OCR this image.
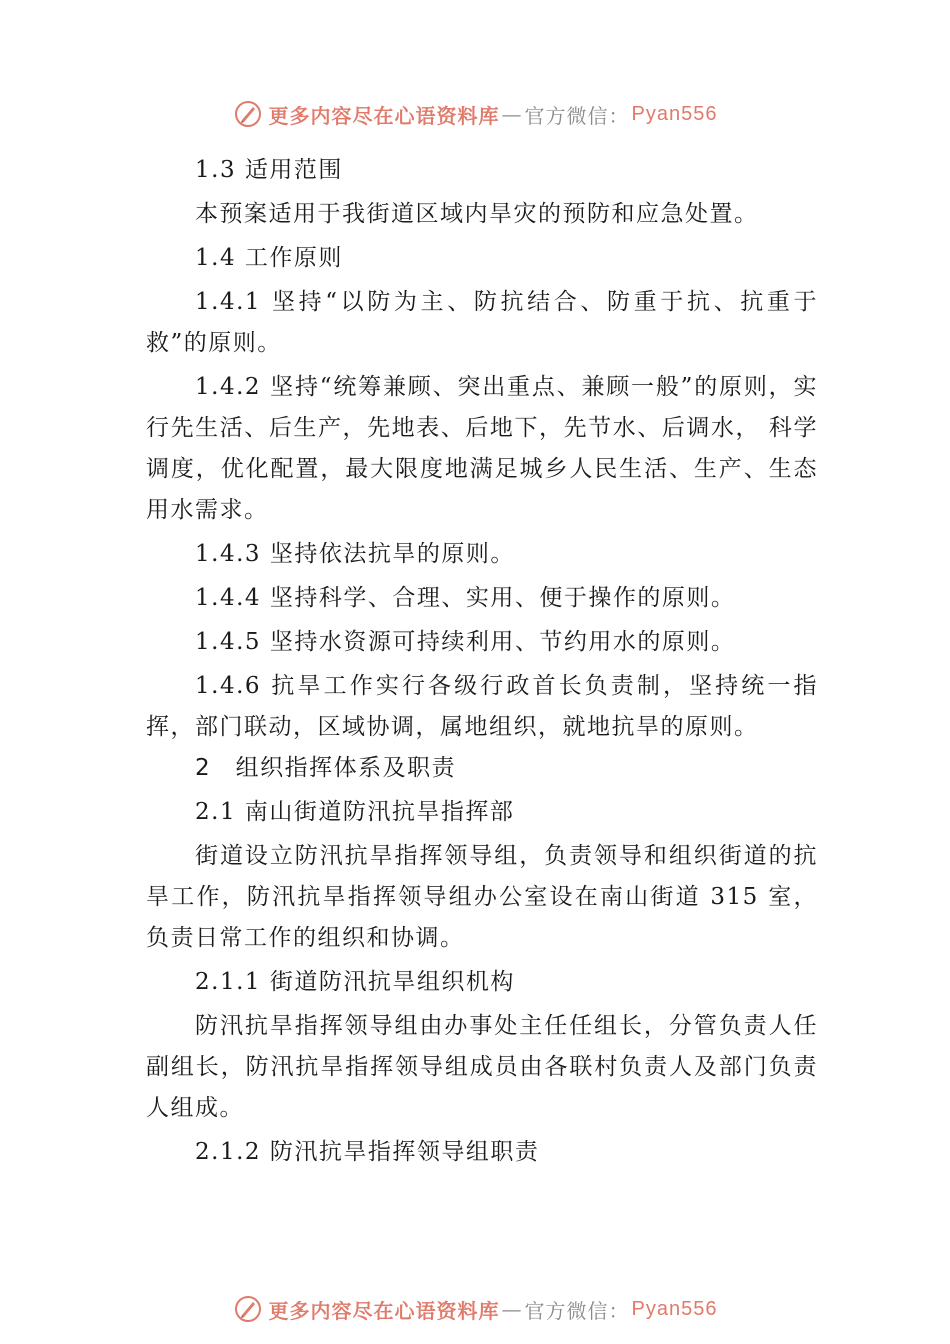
更多内容尽在心语资料库 — 官方微信： Pyan556

1.3 适用范围

本预案适用于我街道区域内旱灾的预防和应急处置。

1.4 工作原则

1.4.1 坚持“以防为主、防抗结合、防重于抗、抗重于救”的原则。

1.4.2 坚持“统筹兼顾、突出重点、兼顾一般”的原则，实行先生活、后生产，先地表、后地下，先节水、后调水， 科学调度，优化配置，最大限度地满足城乡人民生活、生产、生态用水需求。

1.4.3 坚持依法抗旱的原则。

1.4.4 坚持科学、合理、实用、便于操作的原则。

1.4.5 坚持水资源可持续利用、节约用水的原则。

1.4.6 抗旱工作实行各级行政首长负责制，坚持统一指挥，部门联动，区域协调，属地组织，就地抗旱的原则。

2　组织指挥体系及职责

2.1 南山街道防汛抗旱指挥部

街道设立防汛抗旱指挥领导组，负责领导和组织街道的抗旱工作，防汛抗旱指挥领导组办公室设在南山街道 315 室，负责日常工作的组织和协调。

2.1.1 街道防汛抗旱组织机构

防汛抗旱指挥领导组由办事处主任任组长，分管负责人任副组长，防汛抗旱指挥领导组成员由各联村负责人及部门负责人组成。

2.1.2 防汛抗旱指挥领导组职责

更多内容尽在心语资料库 — 官方微信： Pyan556
